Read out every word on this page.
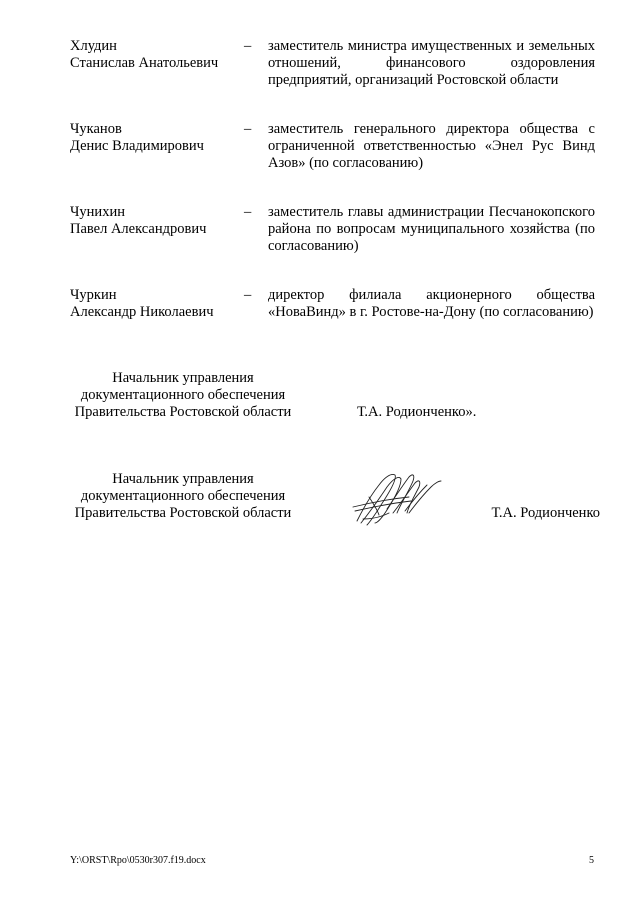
Хлудин
Станислав Анатольевич
–	заместитель министра имущественных и земельных отношений, финансового оздоровления предприятий, организаций Ростовской области
Чуканов
Денис Владимирович
–	заместитель генерального директора общества с ограниченной ответственностью «Энел Рус Винд Азов» (по согласованию)
Чунихин
Павел Александрович
–	заместитель главы администрации Песчанокопского района по вопросам муниципального хозяйства (по согласованию)
Чуркин
Александр Николаевич
–	директор филиала акционерного общества «НоваВинд» в г. Ростове-на-Дону (по согласованию)
Начальник управления
документационного обеспечения
Правительства Ростовской области	Т.А. Родионченко».
Начальник управления
документационного обеспечения
Правительства Ростовской области	Т.А. Родионченко
Y:\ORST\Rpo\0530r307.f19.docx	5
